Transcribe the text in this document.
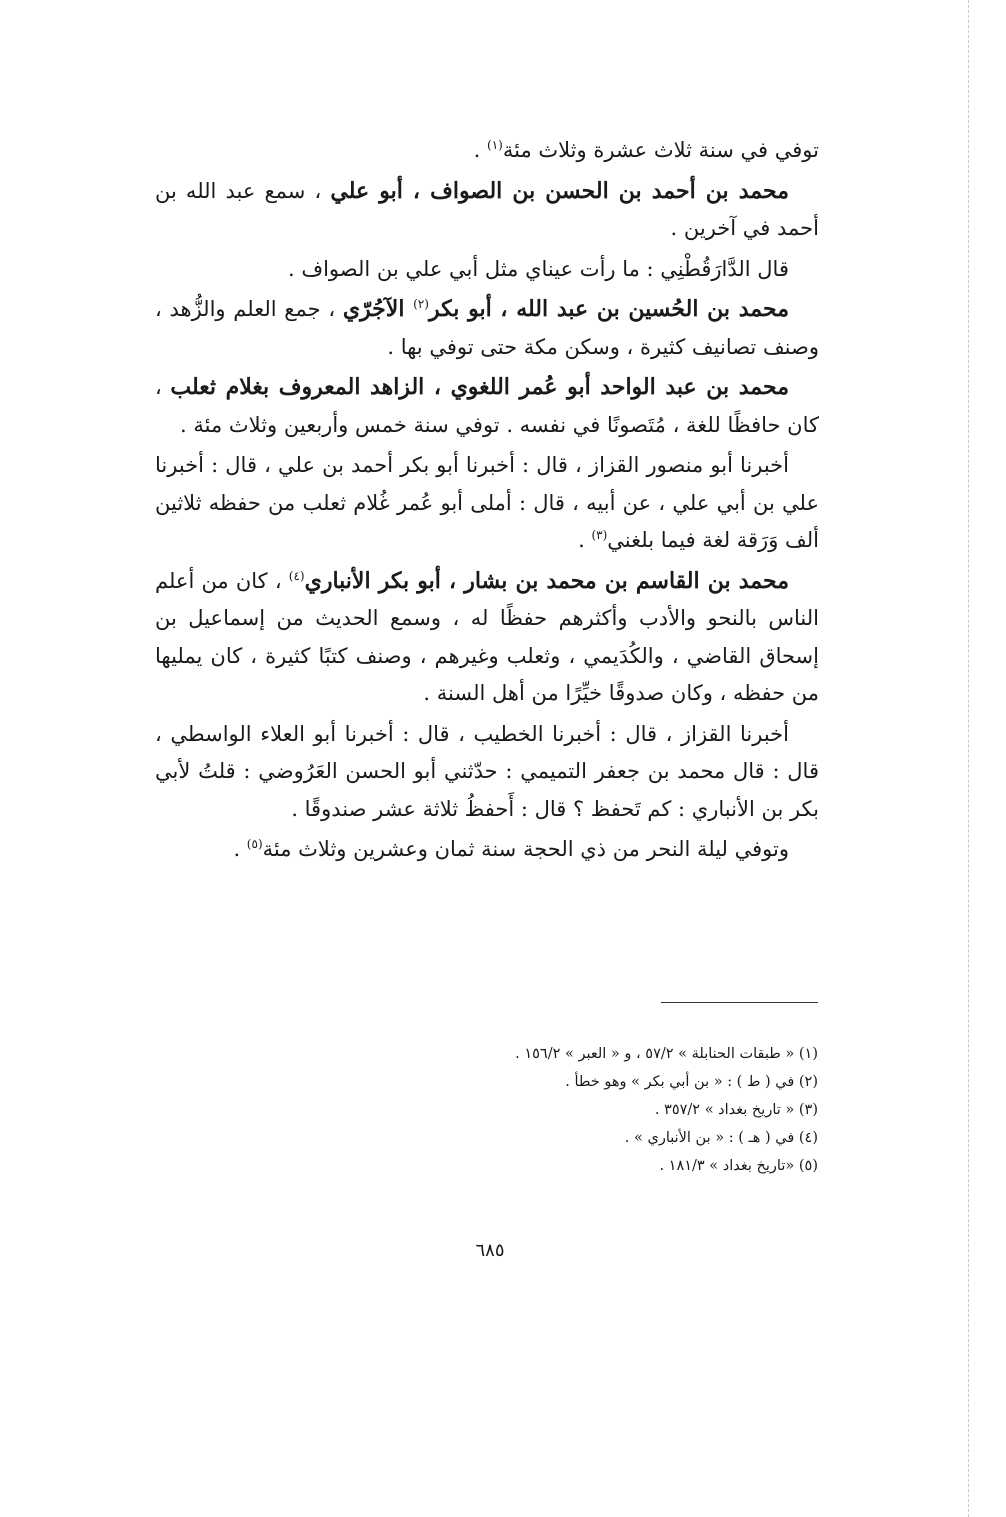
توفي في سنة ثلاث عشرة وثلاث مئة$^{(١)}$ .

محمد بن أحمد بن الحسن بن الصواف ، أبو علي ، سمع عبد الله بن أحمد في آخرين .

قال الدَّارَقُطْنِي : ما رأت عيناي مثل أبي علي بن الصواف .

محمد بن الحُسين بن عبد الله ، أبو بكر$^{(٢)}$ الآجُرّي ، جمع العلم والزُّهد ، وصنف تصانيف كثيرة ، وسكن مكة حتى توفي بها .

محمد بن عبد الواحد أبو عُمر اللغوي ، الزاهد المعروف بغلام ثعلب ، كان حافظًا للغة ، مُتَصونًا في نفسه . توفي سنة خمس وأربعين وثلاث مئة .

أخبرنا أبو منصور القزاز ، قال : أخبرنا أبو بكر أحمد بن علي ، قال : أخبرنا علي بن أبي علي ، عن أبيه ، قال : أملى أبو عُمر غُلام ثعلب من حفظه ثلاثين ألف وَرَقة لغة فيما بلغني$^{(٣)}$ .

محمد بن القاسم بن محمد بن بشار ، أبو بكر الأنباري$^{(٤)}$ ، كان من أعلم الناس بالنحو والأدب وأكثرهم حفظًا له ، وسمع الحديث من إسماعيل بن إسحاق القاضي ، والكُدَيمي ، وثعلب وغيرهم ، وصنف كتبًا كثيرة ، كان يمليها من حفظه ، وكان صدوقًا خيِّرًا من أهل السنة .

أخبرنا القزاز ، قال : أخبرنا الخطيب ، قال : أخبرنا أبو العلاء الواسطي ، قال : قال محمد بن جعفر التميمي : حدّثني أبو الحسن العَرُوضي : قلتُ لأبي بكر بن الأنباري : كم تَحفظ ؟ قال : أَحفظُ ثلاثة عشر صندوقًا .

وتوفي ليلة النحر من ذي الحجة سنة ثمان وعشرين وثلاث مئة$^{(٥)}$ .

(١) « طبقات الحنابلة » ٥٧/٢ ، و « العبر » ١٥٦/٢ .
(٢) في ( ط ) : « بن أبي بكر » وهو خطأ .
(٣) « تاريخ بغداد » ٣٥٧/٢ .
(٤) في ( هـ ) : « بن الأنباري » .
(٥) «تاريخ بغداد » ١٨١/٣ .
٦٨٥
